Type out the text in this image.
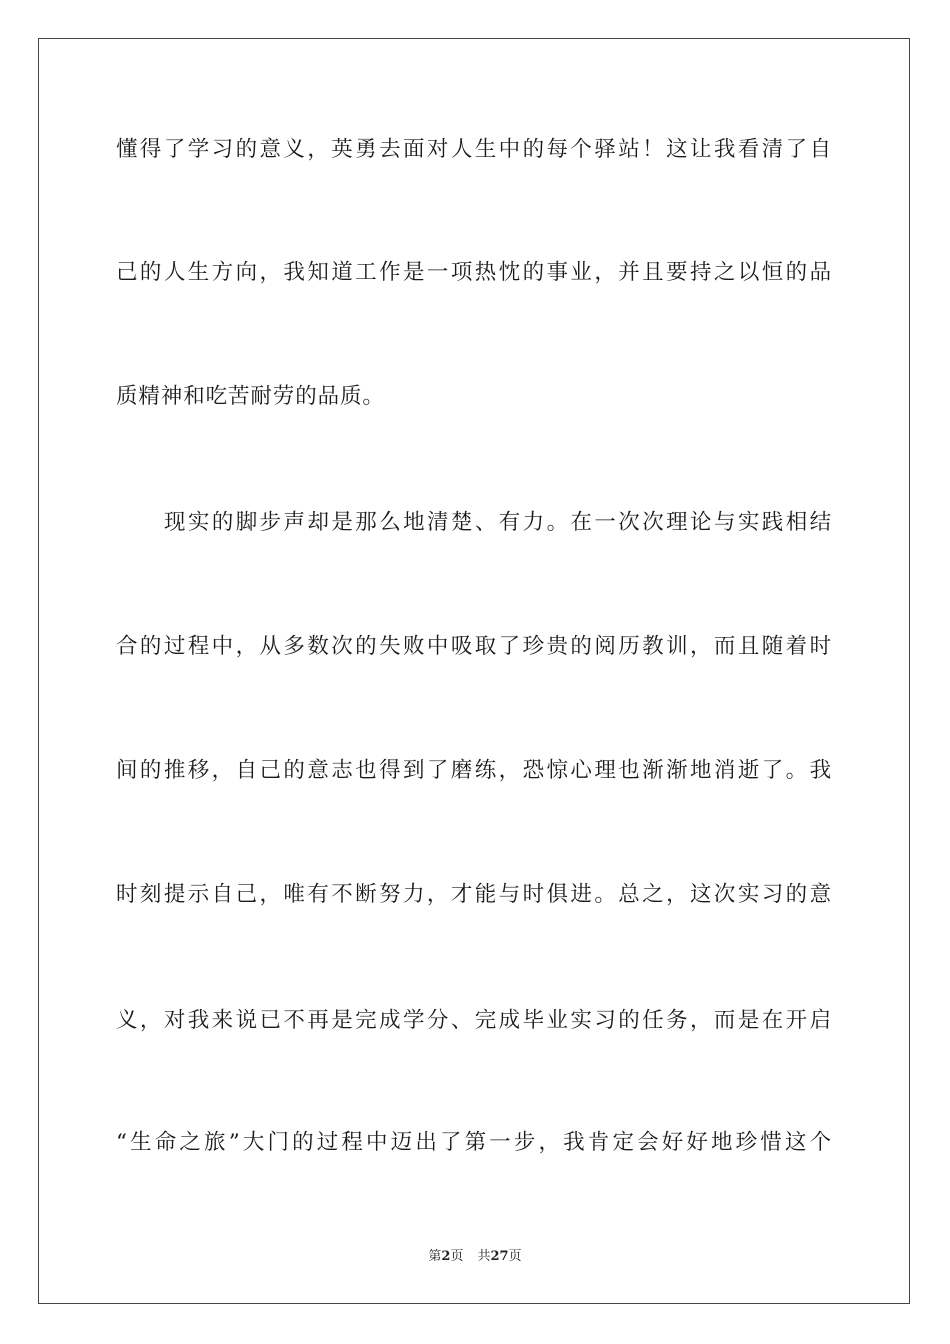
懂得了学习的意义，英勇去面对人生中的每个驿站！这让我看清了自
己的人生方向，我知道工作是一项热忱的事业，并且要持之以恒的品
质精神和吃苦耐劳的品质。
现实的脚步声却是那么地清楚、有力。在一次次理论与实践相结
合的过程中，从多数次的失败中吸取了珍贵的阅历教训，而且随着时
间的推移，自己的意志也得到了磨练，恐惊心理也渐渐地消逝了。我
时刻提示自己，唯有不断努力，才能与时俱进。总之，这次实习的意
义，对我来说已不再是完成学分、完成毕业实习的任务，而是在开启
“生命之旅”大门的过程中迈出了第一步，我肯定会好好地珍惜这个
第2页 共27页
